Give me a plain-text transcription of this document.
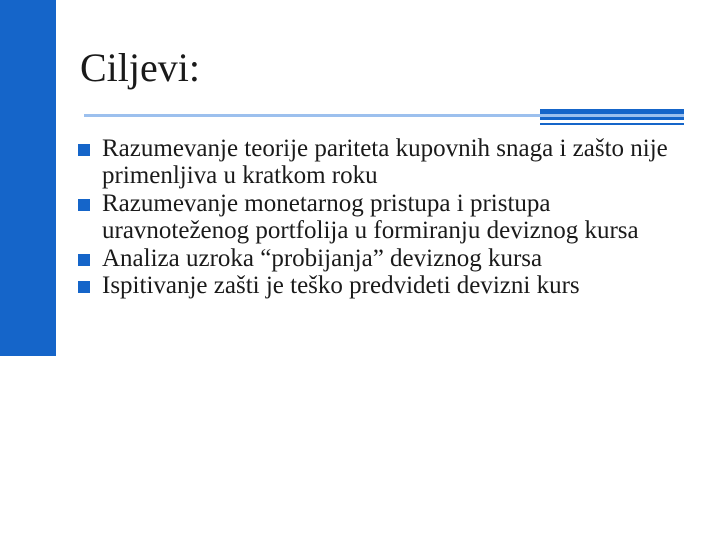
Ciljevi:
Razumevanje teorije pariteta kupovnih snaga i zašto nije primenljiva u kratkom roku
Razumevanje monetarnog pristupa i pristupa uravnoteženog portfolija u formiranju deviznog kursa
Analiza uzroka “probijanja” deviznog kursa
Ispitivanje zašti je teško predvideti devizni kurs
